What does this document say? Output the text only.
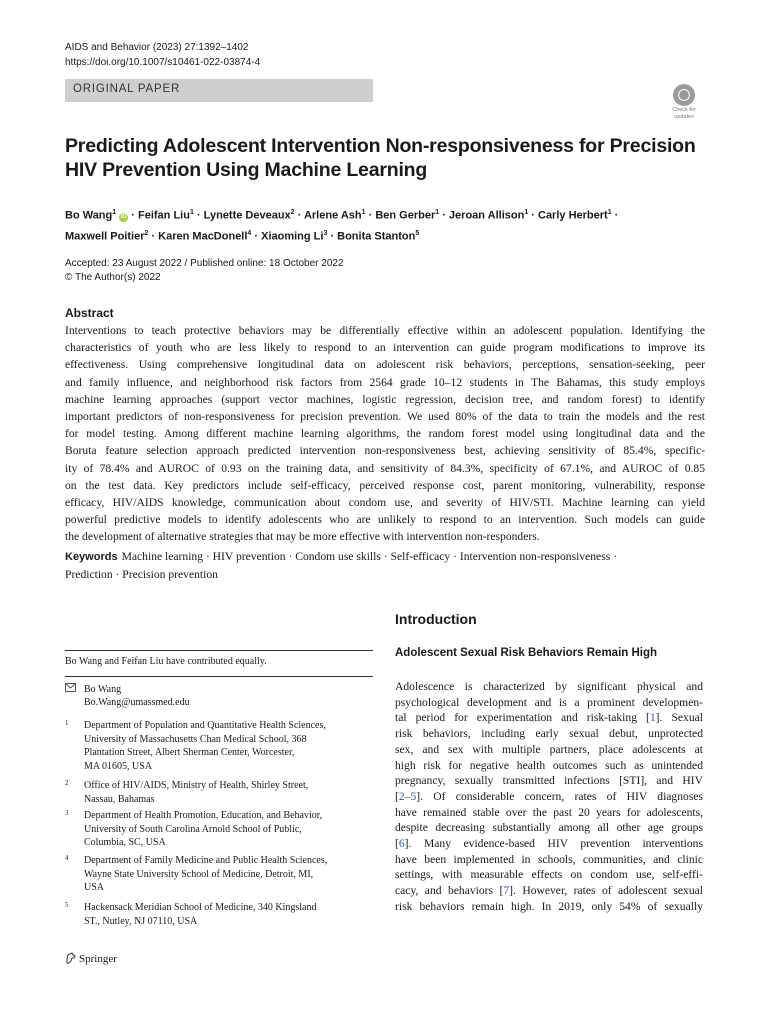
AIDS and Behavior (2023) 27:1392–1402
https://doi.org/10.1007/s10461-022-03874-4
ORIGINAL PAPER
Check for
updates
Predicting Adolescent Intervention Non-responsiveness for Precision
HIV Prevention Using Machine Learning
Bo Wang$^1$ iD · Feifan Liu$^1$ · Lynette Deveaux$^2$ · Arlene Ash$^1$ · Ben Gerber$^1$ · Jeroan Allison$^1$ · Carly Herbert$^1$ ·
Maxwell Poitier$^2$ · Karen MacDonell$^4$ · Xiaoming $Li^3$ · Bonita Stanton$^5$
Accepted: 23 August 2022 / Published online: 18 October 2022
© The Author(s) 2022
Abstract
Interventions to teach protective behaviors may be differentially effective within an adolescent population. Identifying the
characteristics of youth who are less likely to respond to an intervention can guide program modifications to improve its
effectiveness. Using comprehensive longitudinal data on adolescent risk behaviors, perceptions, sensation-seeking, peer
and family influence, and neighborhood risk factors from 2564 grade 10–12 students in The Bahamas, this study employs
machine learning approaches (support vector machines, logistic regression, decision tree, and random forest) to identify
important predictors of non-responsiveness for precision prevention. We used 80% of the data to train the models and the rest
for model testing. Among different machine learning algorithms, the random forest model using longitudinal data and the
Boruta feature selection approach predicted intervention non-responsiveness best, achieving sensitivity of 85.4%, specific-
ity of 78.4% and AUROC of 0.93 on the training data, and sensitivity of 84.3%, specificity of 67.1%, and AUROC of 0.85
on the test data. Key predictors include self-efficacy, perceived response cost, parent monitoring, vulnerability, response
efficacy, HIV/AIDS knowledge, communication about condom use, and severity of HIV/STI. Machine learning can yield
powerful predictive models to identify adolescents who are unlikely to respond to an intervention. Such models can guide
the development of alternative strategies that may be more effective with intervention non-responders.
Keywords Machine learning · HIV prevention · Condom use skills · Self-efficacy · Intervention non-responsiveness ·
Prediction · Precision prevention
Bo Wang and Feifan Liu have contributed equally.
Bo Wang
Bo.Wang@umassmed.edu
1 Department of Population and Quantitative Health Sciences,
University of Massachusetts Chan Medical School, 368
Plantation Street, Albert Sherman Center, Worcester,
MA 01605, USA
2 Office of HIV/AIDS, Ministry of Health, Shirley Street,
Nassau, Bahamas
3 Department of Health Promotion, Education, and Behavior,
University of South Carolina Arnold School of Public,
Columbia, SC, USA
4 Department of Family Medicine and Public Health Sciences,
Wayne State University School of Medicine, Detroit, MI,
USA
5 Hackensack Meridian School of Medicine, 340 Kingsland
ST., Nutley, NJ 07110, USA
Introduction
Adolescent Sexual Risk Behaviors Remain High
Adolescence is characterized by significant physical and
psychological development and is a prominent developmen-
tal period for experimentation and risk-taking [1]. Sexual
risk behaviors, including early sexual debut, unprotected
sex, and sex with multiple partners, place adolescents at
high risk for negative health outcomes such as unintended
pregnancy, sexually transmitted infections [STI], and HIV
[2–5]. Of considerable concern, rates of HIV diagnoses
have remained stable over the past 20 years for adolescents,
despite decreasing substantially among all other age groups
[6]. Many evidence-based HIV prevention interventions
have been implemented in schools, communities, and clinic
settings, with measurable effects on condom use, self-effi-
cacy, and behaviors [7]. However, rates of adolescent sexual
risk behaviors remain high. In 2019, only 54% of sexually
Springer
